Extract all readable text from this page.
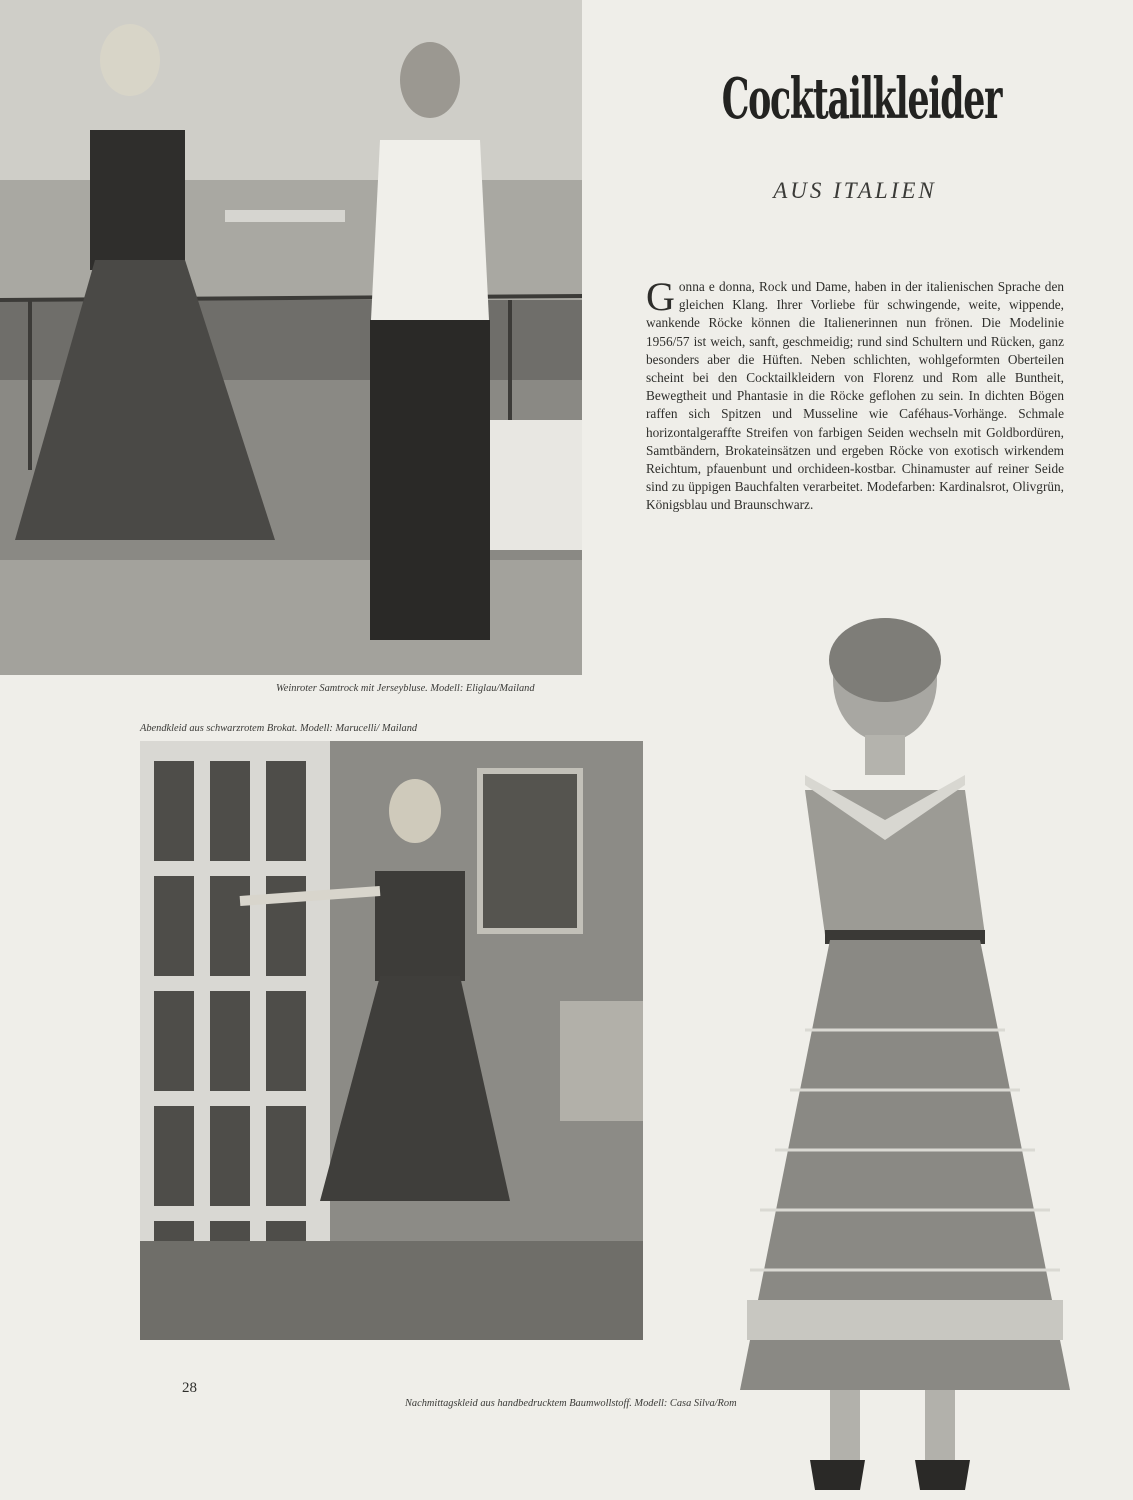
Weinroter Samtrock mit Jerseybluse. Modell: Eliglau/Mailand
Cocktailkleider
AUS ITALIEN
Gonna e donna, Rock und Dame, haben in der italienischen Sprache den gleichen Klang. Ihrer Vorliebe für schwingende, weite, wippende, wankende Röcke können die Italienerinnen nun frönen. Die Modelinie 1956/57 ist weich, sanft, geschmeidig; rund sind Schultern und Rücken, ganz besonders aber die Hüften. Neben schlichten, wohlgeformten Oberteilen scheint bei den Cocktailkleidern von Florenz und Rom alle Buntheit, Bewegtheit und Phantasie in die Röcke geflohen zu sein. In dichten Bögen raffen sich Spitzen und Musseline wie Caféhaus-Vorhänge. Schmale horizontalgeraffte Streifen von farbigen Seiden wechseln mit Goldbordüren, Samtbändern, Brokateinsätzen und ergeben Röcke von exotisch wirkendem Reichtum, pfauenbunt und orchideen-kostbar. Chinamuster auf reiner Seide sind zu üppigen Bauchfalten verarbeitet. Modefarben: Kardinalsrot, Olivgrün, Königsblau und Braunschwarz.
Abendkleid aus schwarzrotem Brokat. Modell: Marucelli/ Mailand
Nachmittagskleid aus handbedrucktem Baumwollstoff. Modell: Casa Silva/Rom
28
